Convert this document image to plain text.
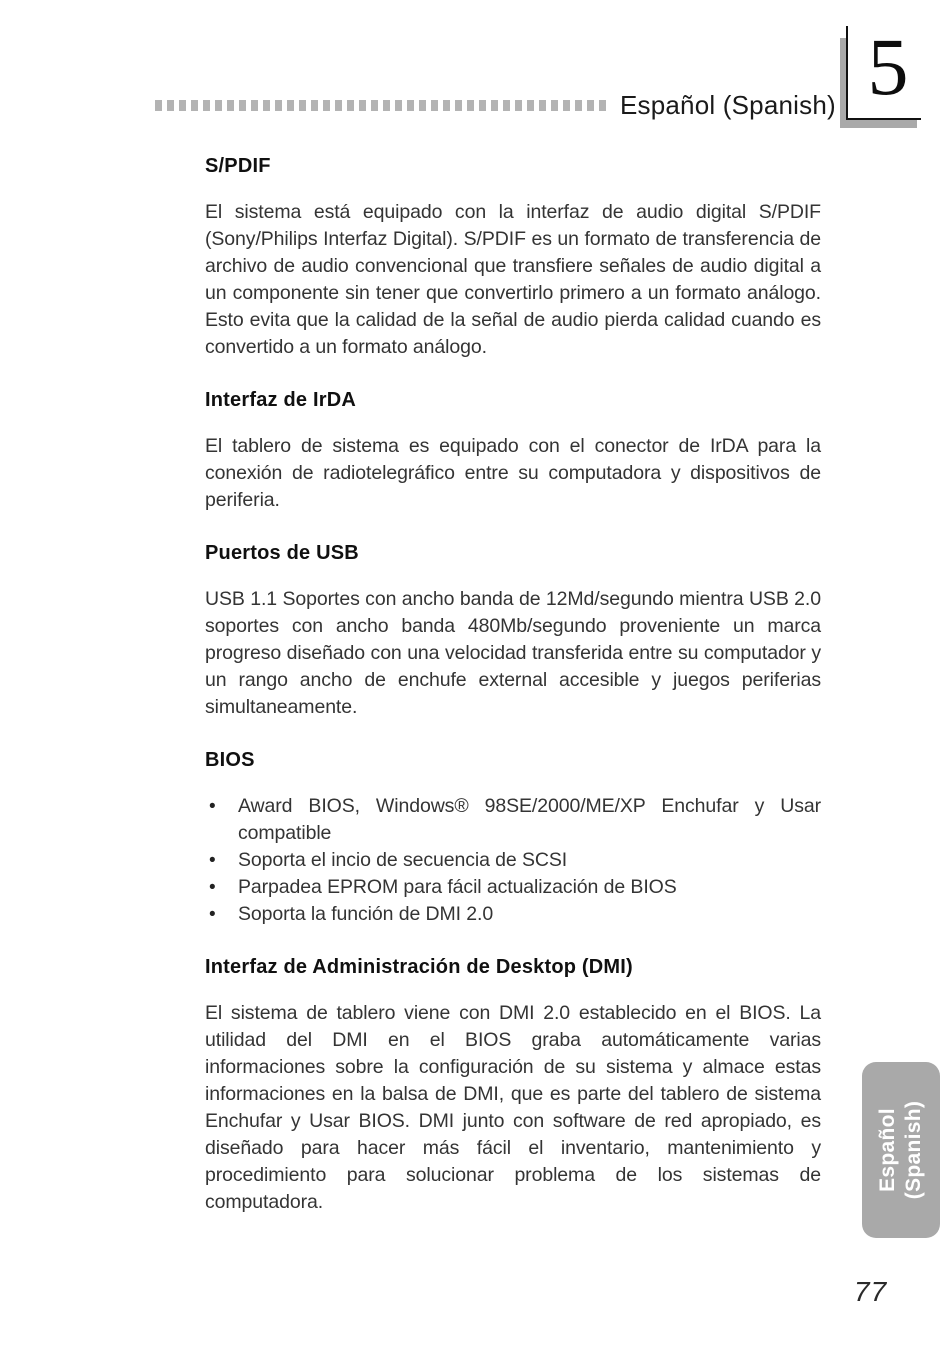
Español (Spanish) 5
S/PDIF

El sistema está equipado con la interfaz de audio digital S/PDIF (Sony/Philips Interfaz Digital). S/PDIF es un formato de transferencia de archivo de audio convencional que transfiere señales de audio digital a un componente sin tener que convertirlo primero a un formato análogo. Esto evita que la calidad de la señal de audio pierda calidad cuando es convertido a un formato análogo.

Interfaz de IrDA

El tablero de sistema es equipado con el conector de IrDA para la conexión de radiotelegráfico entre su computadora y dispositivos de periferia.

Puertos de USB

USB 1.1 Soportes con ancho banda de 12Md/segundo mientra USB 2.0 soportes con ancho banda 480Mb/segundo proveniente un marca progreso diseñado con una velocidad transferida entre su computador y un rango ancho de enchufe external accesible y juegos periferias simultaneamente.

BIOS
• Award BIOS, Windows® 98SE/2000/ME/XP Enchufar y Usar compatible
• Soporta el incio de secuencia de SCSI
• Parpadea EPROM para fácil actualización de BIOS
• Soporta la función de DMI 2.0
Interfaz de Administración de Desktop (DMI)

El sistema de tablero viene con DMI 2.0 establecido en el BIOS. La utilidad del DMI en el BIOS graba automáticamente varias informaciones sobre la configuración de su sistema y almace estas informaciones en la balsa de DMI, que es parte del tablero de sistema Enchufar y Usar BIOS. DMI junto con software de red apropiado, es diseñado para hacer más fácil el inventario, mantenimiento y procedimiento para solucionar problema de los sistemas de computadora.

Español (Spanish)
77
